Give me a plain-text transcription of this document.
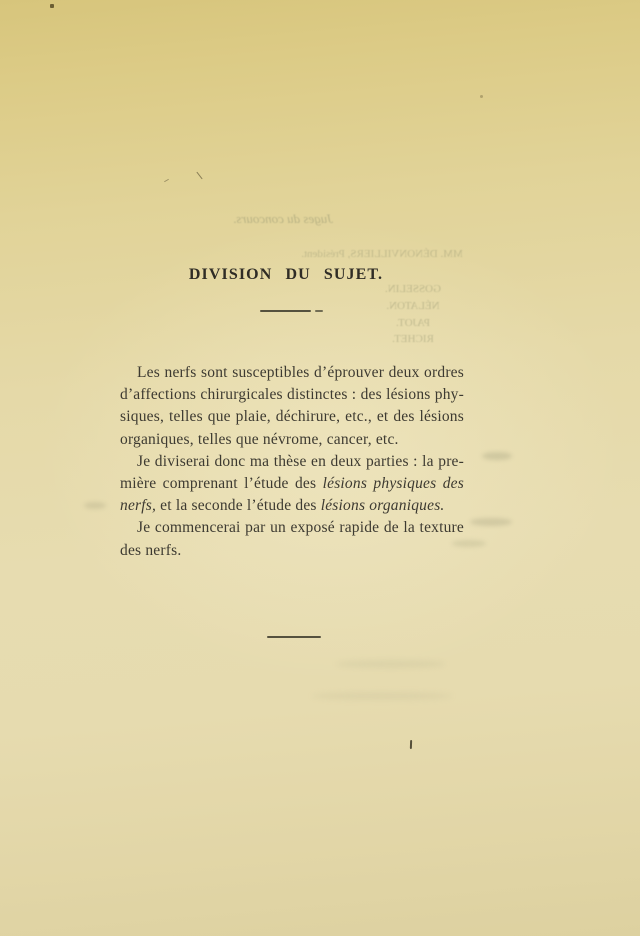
Juges du concours.
MM. DÉNONVILLIERS, Président.
GOSSELIN.
NÉLATON.
PAJOT.
RICHET.
DIVISION DU SUJET.
Les nerfs sont susceptibles d’éprouver deux ordres
d’affections chirurgicales distinctes : des lésions phy-
siques, telles que plaie, déchirure, etc., et des lésions
organiques, telles que névrome, cancer, etc.
Je diviserai donc ma thèse en deux parties : la pre-
mière comprenant l’étude des lésions physiques des
nerfs, et la seconde l’étude des lésions organiques.
Je commencerai par un exposé rapide de la texture
des nerfs.
